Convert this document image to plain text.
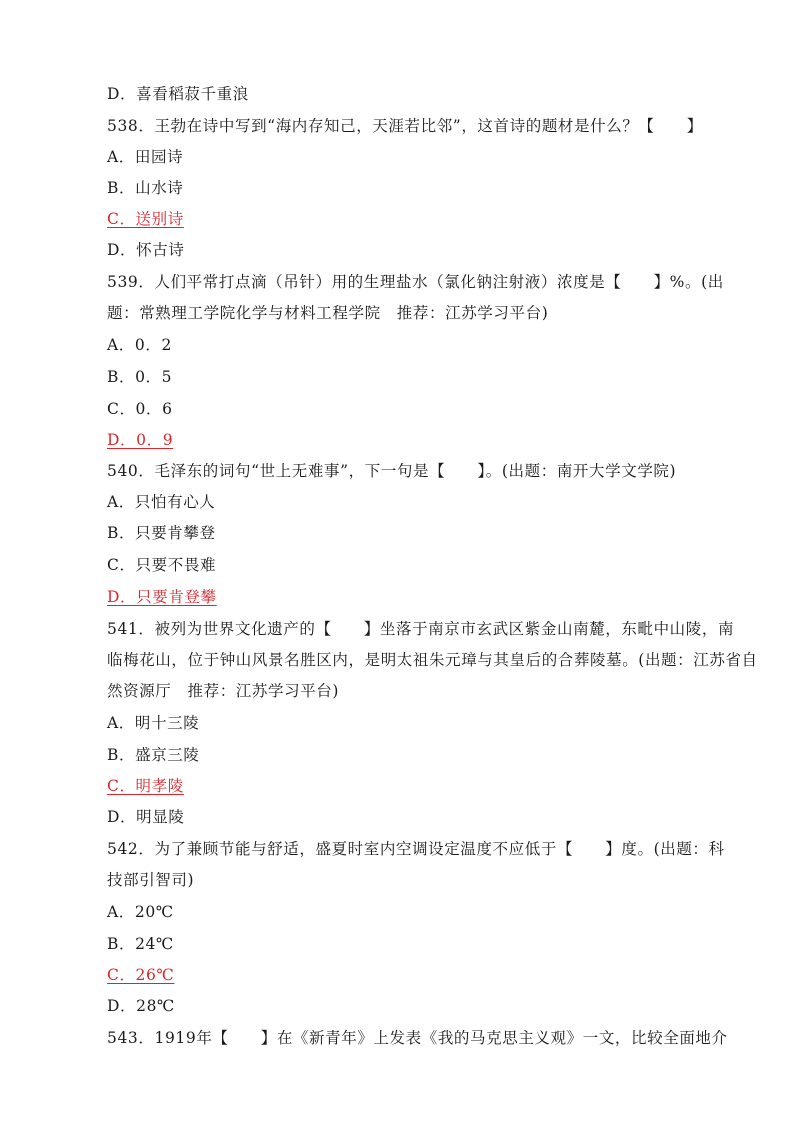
D．喜看稻菽千重浪
538．王勃在诗中写到“海内存知己，天涯若比邻”，这首诗的题材是什么？【　　】
A．田园诗
B．山水诗
C．送别诗
D．怀古诗
539．人们平常打点滴（吊针）用的生理盐水（氯化钠注射液）浓度是【　　】%。(出
题：常熟理工学院化学与材料工程学院　推荐：江苏学习平台)
A．0．2
B．0．5
C．0．6
D．0．9
540．毛泽东的词句“世上无难事”，下一句是【　　】。(出题：南开大学文学院)
A．只怕有心人
B．只要肯攀登
C．只要不畏难
D．只要肯登攀
541．被列为世界文化遗产的【　　】坐落于南京市玄武区紫金山南麓，东毗中山陵，南
临梅花山，位于钟山风景名胜区内，是明太祖朱元璋与其皇后的合葬陵墓。(出题：江苏省自
然资源厅　推荐：江苏学习平台)
A．明十三陵
B．盛京三陵
C．明孝陵
D．明显陵
542．为了兼顾节能与舒适，盛夏时室内空调设定温度不应低于【　　】度。(出题：科
技部引智司)
A．20℃
B．24℃
C．26℃
D．28℃
543．1919年【　　】在《新青年》上发表《我的马克思主义观》一文，比较全面地介
